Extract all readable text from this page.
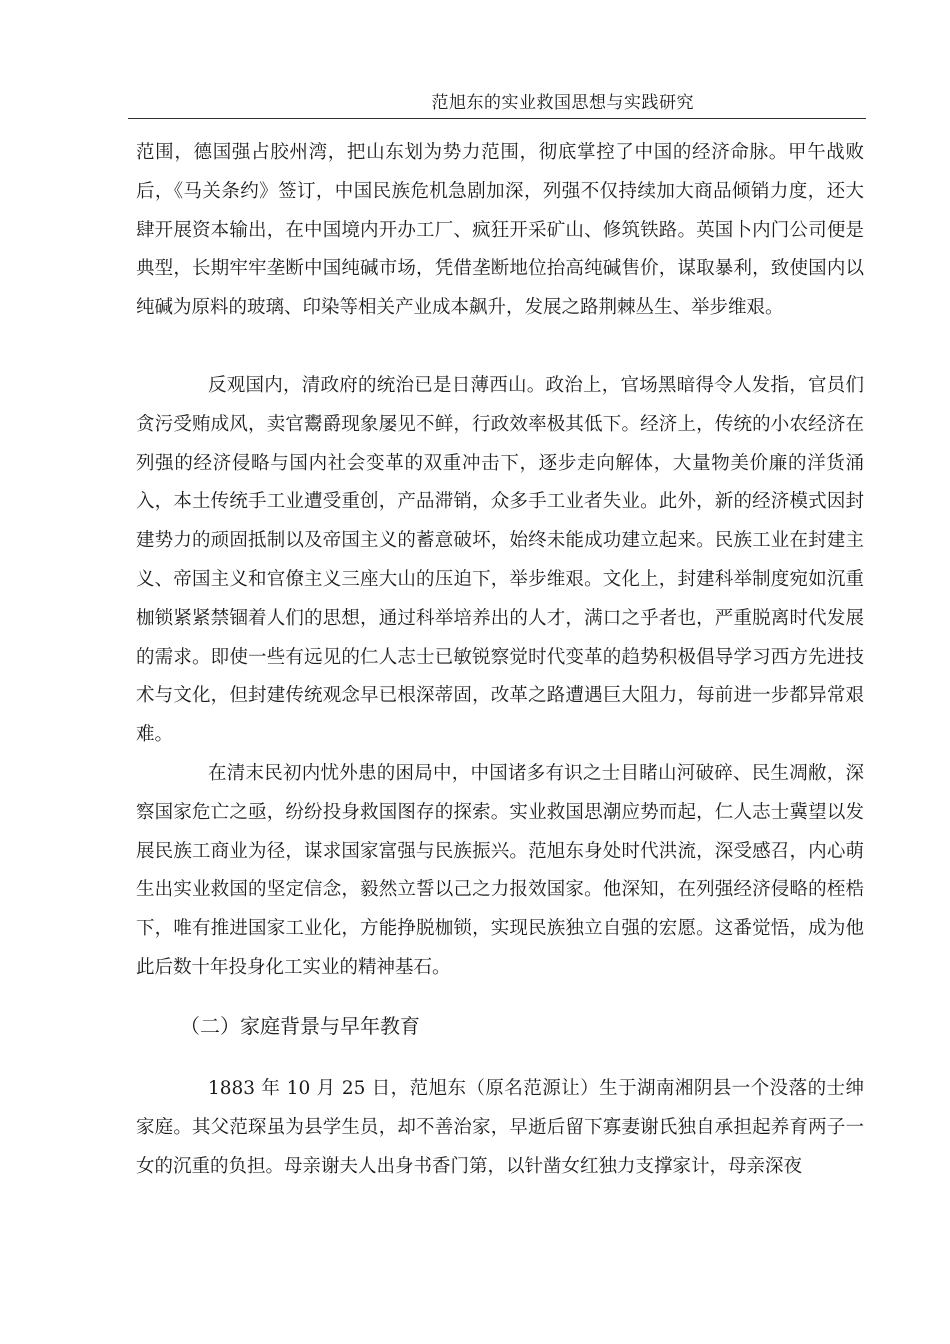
范旭东的实业救国思想与实践研究

范围，德国强占胶州湾，把山东划为势力范围，彻底掌控了中国的经济命脉。甲午战败后，《马关条约》签订，中国民族危机急剧加深，列强不仅持续加大商品倾销力度，还大肆开展资本输出，在中国境内开办工厂、疯狂开采矿山、修筑铁路。英国卜内门公司便是典型，长期牢牢垄断中国纯碱市场，凭借垄断地位抬高纯碱售价，谋取暴利，致使国内以纯碱为原料的玻璃、印染等相关产业成本飙升，发展之路荆棘丛生、举步维艰。

反观国内，清政府的统治已是日薄西山。政治上，官场黑暗得令人发指，官员们贪污受贿成风，卖官鬻爵现象屡见不鲜，行政效率极其低下。经济上，传统的小农经济在列强的经济侵略与国内社会变革的双重冲击下，逐步走向解体，大量物美价廉的洋货涌入，本土传统手工业遭受重创，产品滞销，众多手工业者失业。此外，新的经济模式因封建势力的顽固抵制以及帝国主义的蓄意破坏，始终未能成功建立起来。民族工业在封建主义、帝国主义和官僚主义三座大山的压迫下，举步维艰。文化上，封建科举制度宛如沉重枷锁紧紧禁锢着人们的思想，通过科举培养出的人才，满口之乎者也，严重脱离时代发展的需求。即使一些有远见的仁人志士已敏锐察觉时代变革的趋势积极倡导学习西方先进技术与文化，但封建传统观念早已根深蒂固，改革之路遭遇巨大阻力，每前进一步都异常艰难。

在清末民初内忧外患的困局中，中国诸多有识之士目睹山河破碎、民生凋敝，深察国家危亡之亟，纷纷投身救国图存的探索。实业救国思潮应势而起，仁人志士冀望以发展民族工商业为径，谋求国家富强与民族振兴。范旭东身处时代洪流，深受感召，内心萌生出实业救国的坚定信念，毅然立誓以己之力报效国家。他深知，在列强经济侵略的桎梏下，唯有推进国家工业化，方能挣脱枷锁，实现民族独立自强的宏愿。这番觉悟，成为他此后数十年投身化工实业的精神基石。

（二）家庭背景与早年教育

1883 年 10 月 25 日，范旭东（原名范源让）生于湖南湘阴县一个没落的士绅家庭。其父范琛虽为县学生员，却不善治家，早逝后留下寡妻谢氏独自承担起养育两子一女的沉重的负担。母亲谢夫人出身书香门第，以针凿女红独力支撑家计，母亲深夜
